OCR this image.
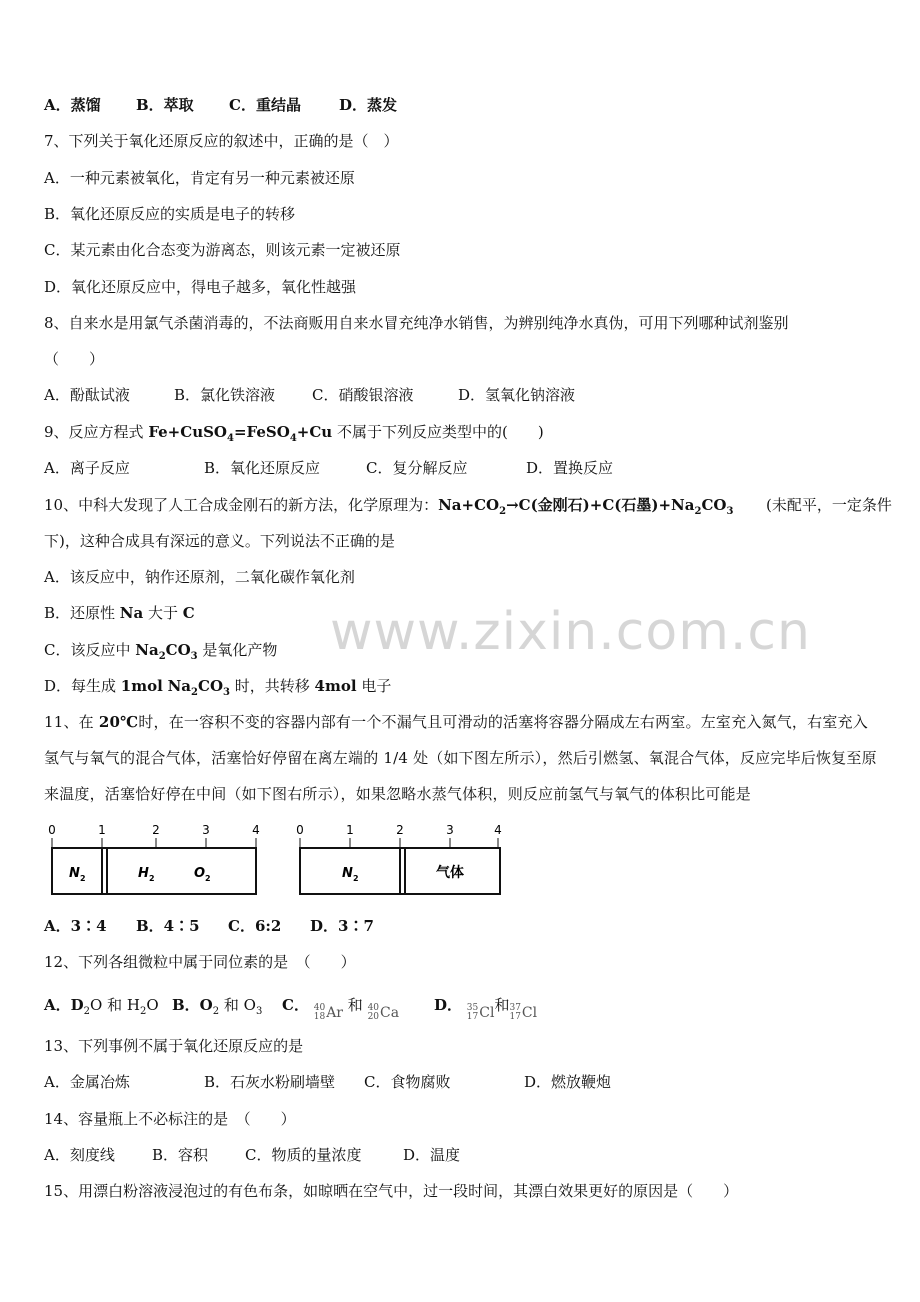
www.zixin.com.cn
A．蒸馏 B．萃取 C．重结晶	D．蒸发
7、下列关于氧化还原反应的叙述中，正确的是（　）
A．一种元素被氧化，肯定有另一种元素被还原
B．氧化还原反应的实质是电子的转移
C．某元素由化合态变为游离态，则该元素一定被还原
D．氧化还原反应中，得电子越多，氧化性越强
8、自来水是用氯气杀菌消毒的，不法商贩用自来水冒充纯净水销售，为辨别纯净水真伪，可用下列哪种试剂鉴别
（　　）
A．酚酞试液	B．氯化铁溶液 C．硝酸银溶液	D．氢氧化钠溶液
9、反应方程式 Fe+CuSO$_4$=FeSO$_4$+Cu 不属于下列反应类型中的(　　)
A．离子反应	B．氧化还原反应	C．复分解反应	D．置换反应
10、中科大发现了人工合成金刚石的新方法，化学原理为：$Na+CO_2\to C$(金刚石)+C(石墨)$+Na_2CO_3$ (未配平，一定条件
下)，这种合成具有深远的意义。下列说法不正确的是
A．该反应中，钠作还原剂，二氧化碳作氧化剂
B．还原性 Na 大于 C
C．该反应中 $Na_2CO_3$ 是氧化产物
D．每生成 1mol $Na_2CO_3$ 时，共转移 4mol 电子
11、在 20℃时，在一容积不变的容器内部有一个不漏气且可滑动的活塞将容器分隔成左右两室。左室充入氮气，右室充入氢气与氧气的混合气体，活塞恰好停留在离左端的 1/4 处（如下图左所示），然后引燃氢、氧混合气体，反应完毕后恢复至原来温度，活塞恰好停在中间（如下图右所示），如果忽略水蒸气体积，则反应前氢气与氧气的体积比可能是
0	1	2	3	4
N 2	H 2	O 2
0	1	2	3	4
N 2	气体
A．3∶4 B．4∶5 C．6:2 D．3∶7
12、下列各组微粒中属于同位素的是　（　　）
A．$D_2O$ 和 $H_2O$ B．$O_2$ 和 $O_3$ C． 40
18 Ar 和 40
20 Ca D． 35
17 Cl 和 37
17 Cl
13、下列事例不属于氧化还原反应的是
A．金属冶炼	B．石灰水粉刷墙壁 C．食物腐败	D．燃放鞭炮
14、容量瓶上不必标注的是　（　　）
A．刻度线 B．容积 C．物质的量浓度	D．温度
15、用漂白粉溶液浸泡过的有色布条，如晾晒在空气中，过一段时间，其漂白效果更好的原因是（　　）
